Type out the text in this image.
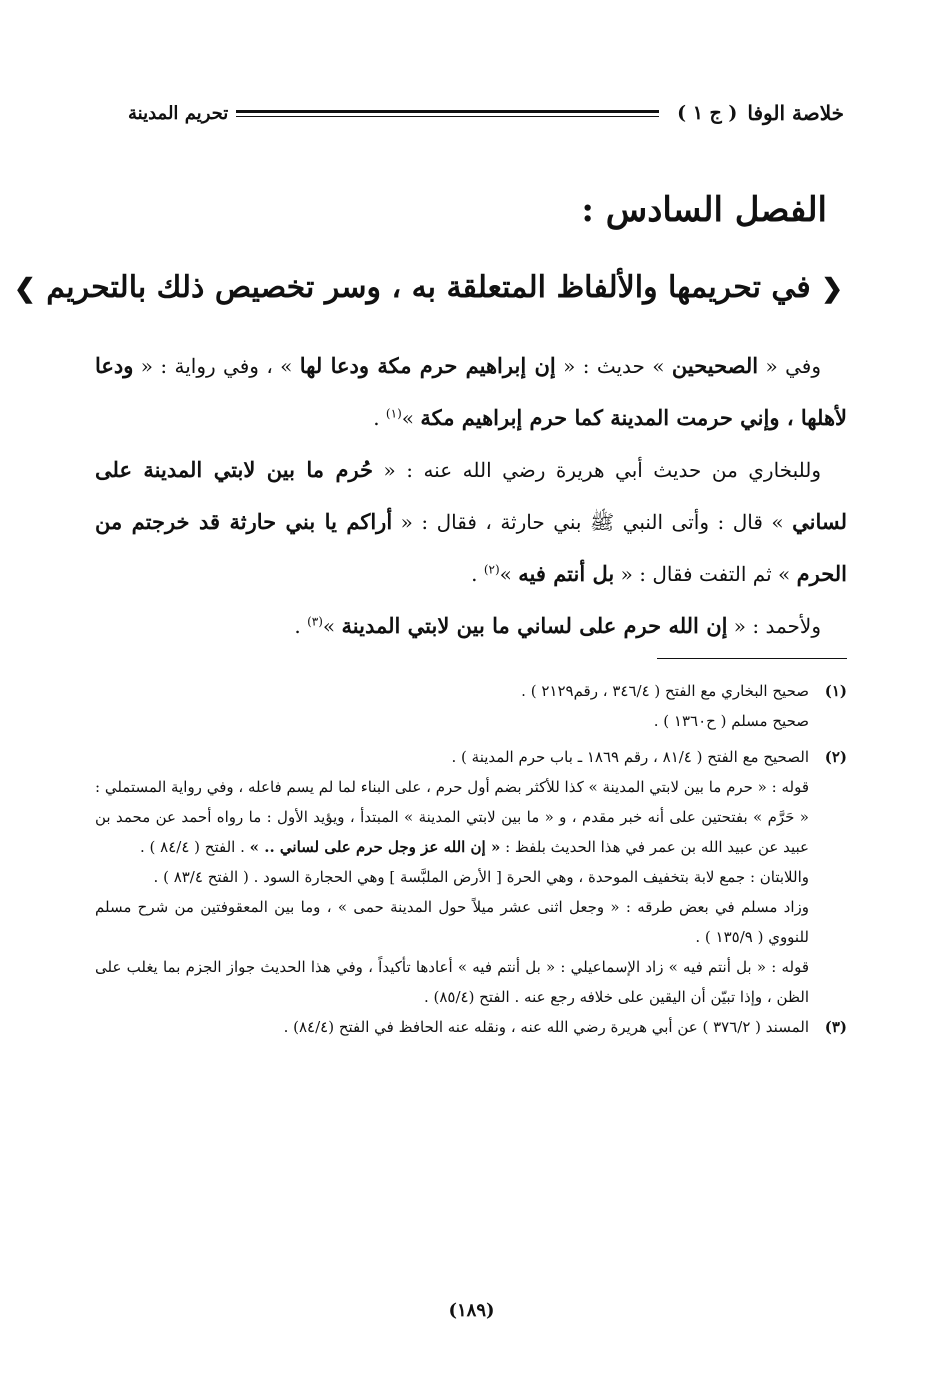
خلاصة الوفا
( ج ١ )
تحريم المدينة
الفصل السادس :
❮ في تحريمها والألفاظ المتعلقة به ، وسر تخصيص ذلك بالتحريم ❯

وفي « الصحيحين » حديث : « إن إبراهيم حرم مكة ودعا لها » ، وفي رواية : « ودعا لأهلها ، وإني حرمت المدينة كما حرم إبراهيم مكة »$^{(١)}$ .

وللبخاري من حديث أبي هريرة رضي الله عنه : « حُرم ما بين لابتي المدينة على لساني » قال : وأتى النبي ﷺ بني حارثة ، فقال : « أراكم يا بني حارثة قد خرجتم من الحرم » ثم التفت فقال : « بل أنتم فيه »$^{(٢)}$ .

ولأحمد : « إن الله حرم على لساني ما بين لابتي المدينة »$^{(٣)}$ .

(١)

صحيح البخاري مع الفتح ( ٣٤٦/٤ ، رقم٢١٢٩ ) .

صحيح مسلم ( ح١٣٦٠ ) .

(٢)

الصحيح مع الفتح ( ٨١/٤ ، رقم ١٨٦٩ ـ باب حرم المدينة ) .

قوله : « حرم ما بين لابتي المدينة » كذا للأكثر بضم أول حرم ، على البناء لما لم يسم فاعله ، وفي رواية المستملي : « حَرَّم » بفتحتين على أنه خبر مقدم ، و « ما بين لابتي المدينة » المبتدأ ، ويؤيد الأول : ما رواه أحمد عن محمد بن عبيد عن عبيد الله بن عمر في هذا الحديث بلفظ : « إن الله عز وجل حرم على لساني .. » . الفتح ( ٨٤/٤ ) .

واللابتان : جمع لابة بتخفيف الموحدة ، وهي الحرة [ الأرض الملبَّسة ] وهي الحجارة السود . ( الفتح ٨٣/٤ ) .

وزاد مسلم في بعض طرقه : « وجعل اثنى عشر ميلاً حول المدينة حمى » ، وما بين المعقوفتين من شرح مسلم للنووي ( ١٣٥/٩ ) .

قوله : « بل أنتم فيه » زاد الإسماعيلي : « بل أنتم فيه » أعادها تأكيداً ، وفي هذا الحديث جواز الجزم بما يغلب على الظن ، وإذا تبيّن أن اليقين على خلافه رجع عنه . الفتح (٨٥/٤) .

(٣)

المسند ( ٣٧٦/٢ ) عن أبي هريرة رضي الله عنه ، ونقله عنه الحافظ في الفتح (٨٤/٤) .

(١٨٩)
